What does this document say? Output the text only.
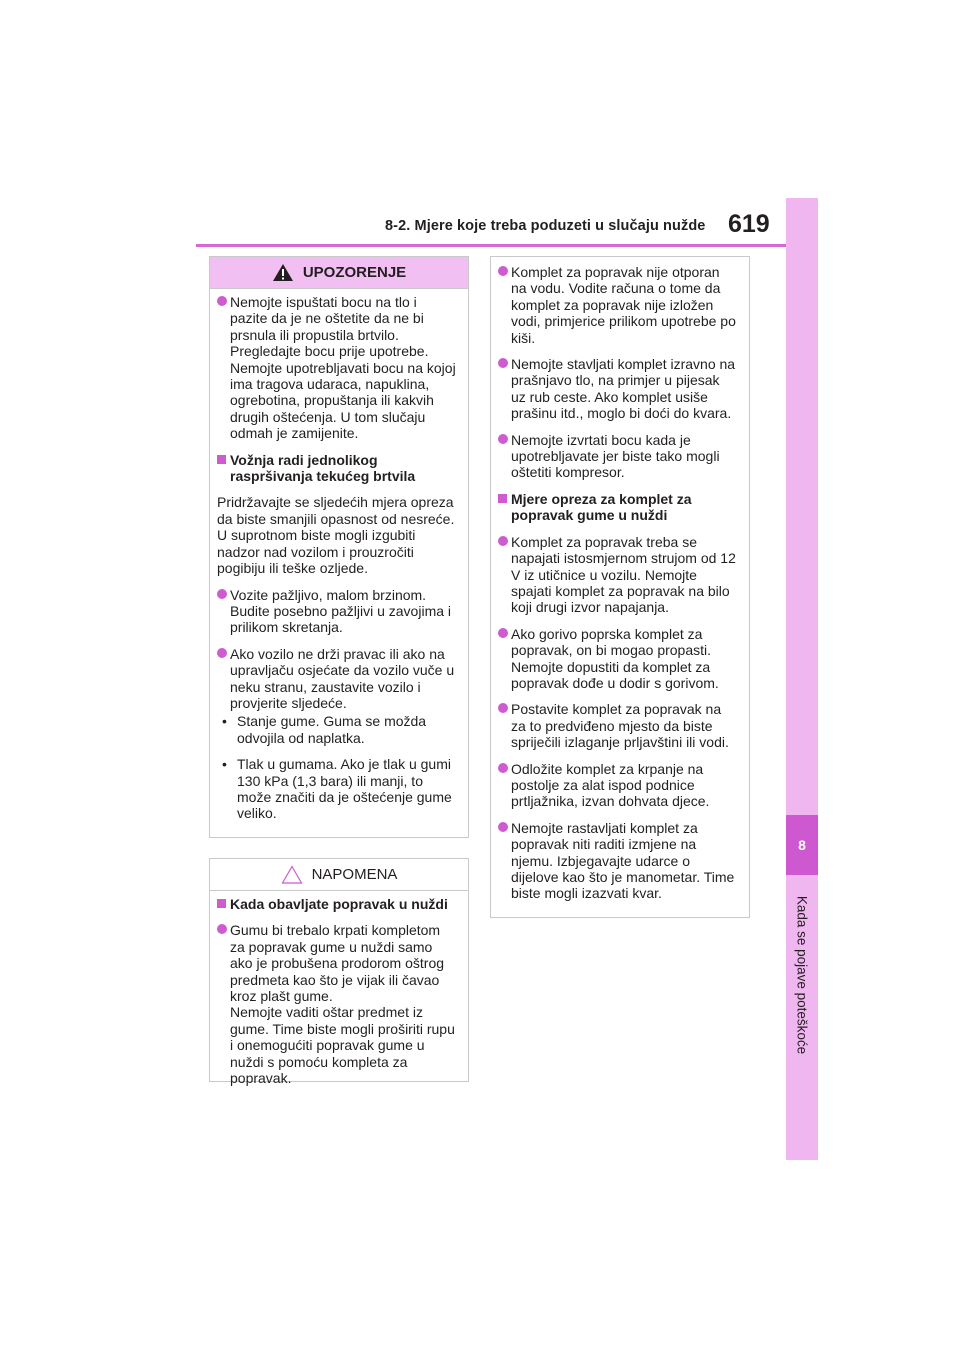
8-2. Mjere koje treba poduzeti u slučaju nužde 619
8
Kada se pojave poteškoće
UPOZORENJE
Nemojte ispuštati bocu na tlo i pazite da je ne oštetite da ne bi prsnula ili propustila brtvilo. Pregledajte bocu prije upotrebe. Nemojte upotrebljavati bocu na kojoj ima tragova udaraca, napuklina, ogrebotina, propuštanja ili kakvih drugih oštećenja. U tom slučaju odmah je zamijenite.
Vožnja radi jednolikog raspršivanja tekućeg brtvila
Pridržavajte se sljedećih mjera opreza da biste smanjili opasnost od nesreće.
U suprotnom biste mogli izgubiti nadzor nad vozilom i prouzročiti pogibiju ili teške ozljede.
Vozite pažljivo, malom brzinom. Budite posebno pažljivi u zavojima i prilikom skretanja.
Ako vozilo ne drži pravac ili ako na upravljaču osjećate da vozilo vuče u neku stranu, zaustavite vozilo i provjerite sljedeće.
• Stanje gume. Guma se možda odvojila od naplatka.
• Tlak u gumama. Ako je tlak u gumi 130 kPa (1,3 bara) ili manji, to može značiti da je oštećenje gume veliko.
NAPOMENA
Kada obavljate popravak u nuždi
Gumu bi trebalo krpati kompletom za popravak gume u nuždi samo ako je probušena prodorom oštrog predmeta kao što je vijak ili čavao kroz plašt gume.
Nemojte vaditi oštar predmet iz gume. Time biste mogli proširiti rupu i onemogućiti popravak gume u nuždi s pomoću kompleta za popravak.
Komplet za popravak nije otporan na vodu. Vodite računa o tome da komplet za popravak nije izložen vodi, primjerice prilikom upotrebe po kiši.
Nemojte stavljati komplet izravno na prašnjavo tlo, na primjer u pijesak uz rub ceste. Ako komplet usiše prašinu itd., moglo bi doći do kvara.
Nemojte izvrtati bocu kada je upotrebljavate jer biste tako mogli oštetiti kompresor.
Mjere opreza za komplet za popravak gume u nuždi
Komplet za popravak treba se napajati istosmjernom strujom od 12 V iz utičnice u vozilu. Nemojte spajati komplet za popravak na bilo koji drugi izvor napajanja.
Ako gorivo poprska komplet za popravak, on bi mogao propasti. Nemojte dopustiti da komplet za popravak dođe u dodir s gorivom.
Postavite komplet za popravak na za to predviđeno mjesto da biste spriječili izlaganje prljavštini ili vodi.
Odložite komplet za krpanje na postolje za alat ispod podnice prtljažnika, izvan dohvata djece.
Nemojte rastavljati komplet za popravak niti raditi izmjene na njemu. Izbjegavajte udarce o dijelove kao što je manometar. Time biste mogli izazvati kvar.
